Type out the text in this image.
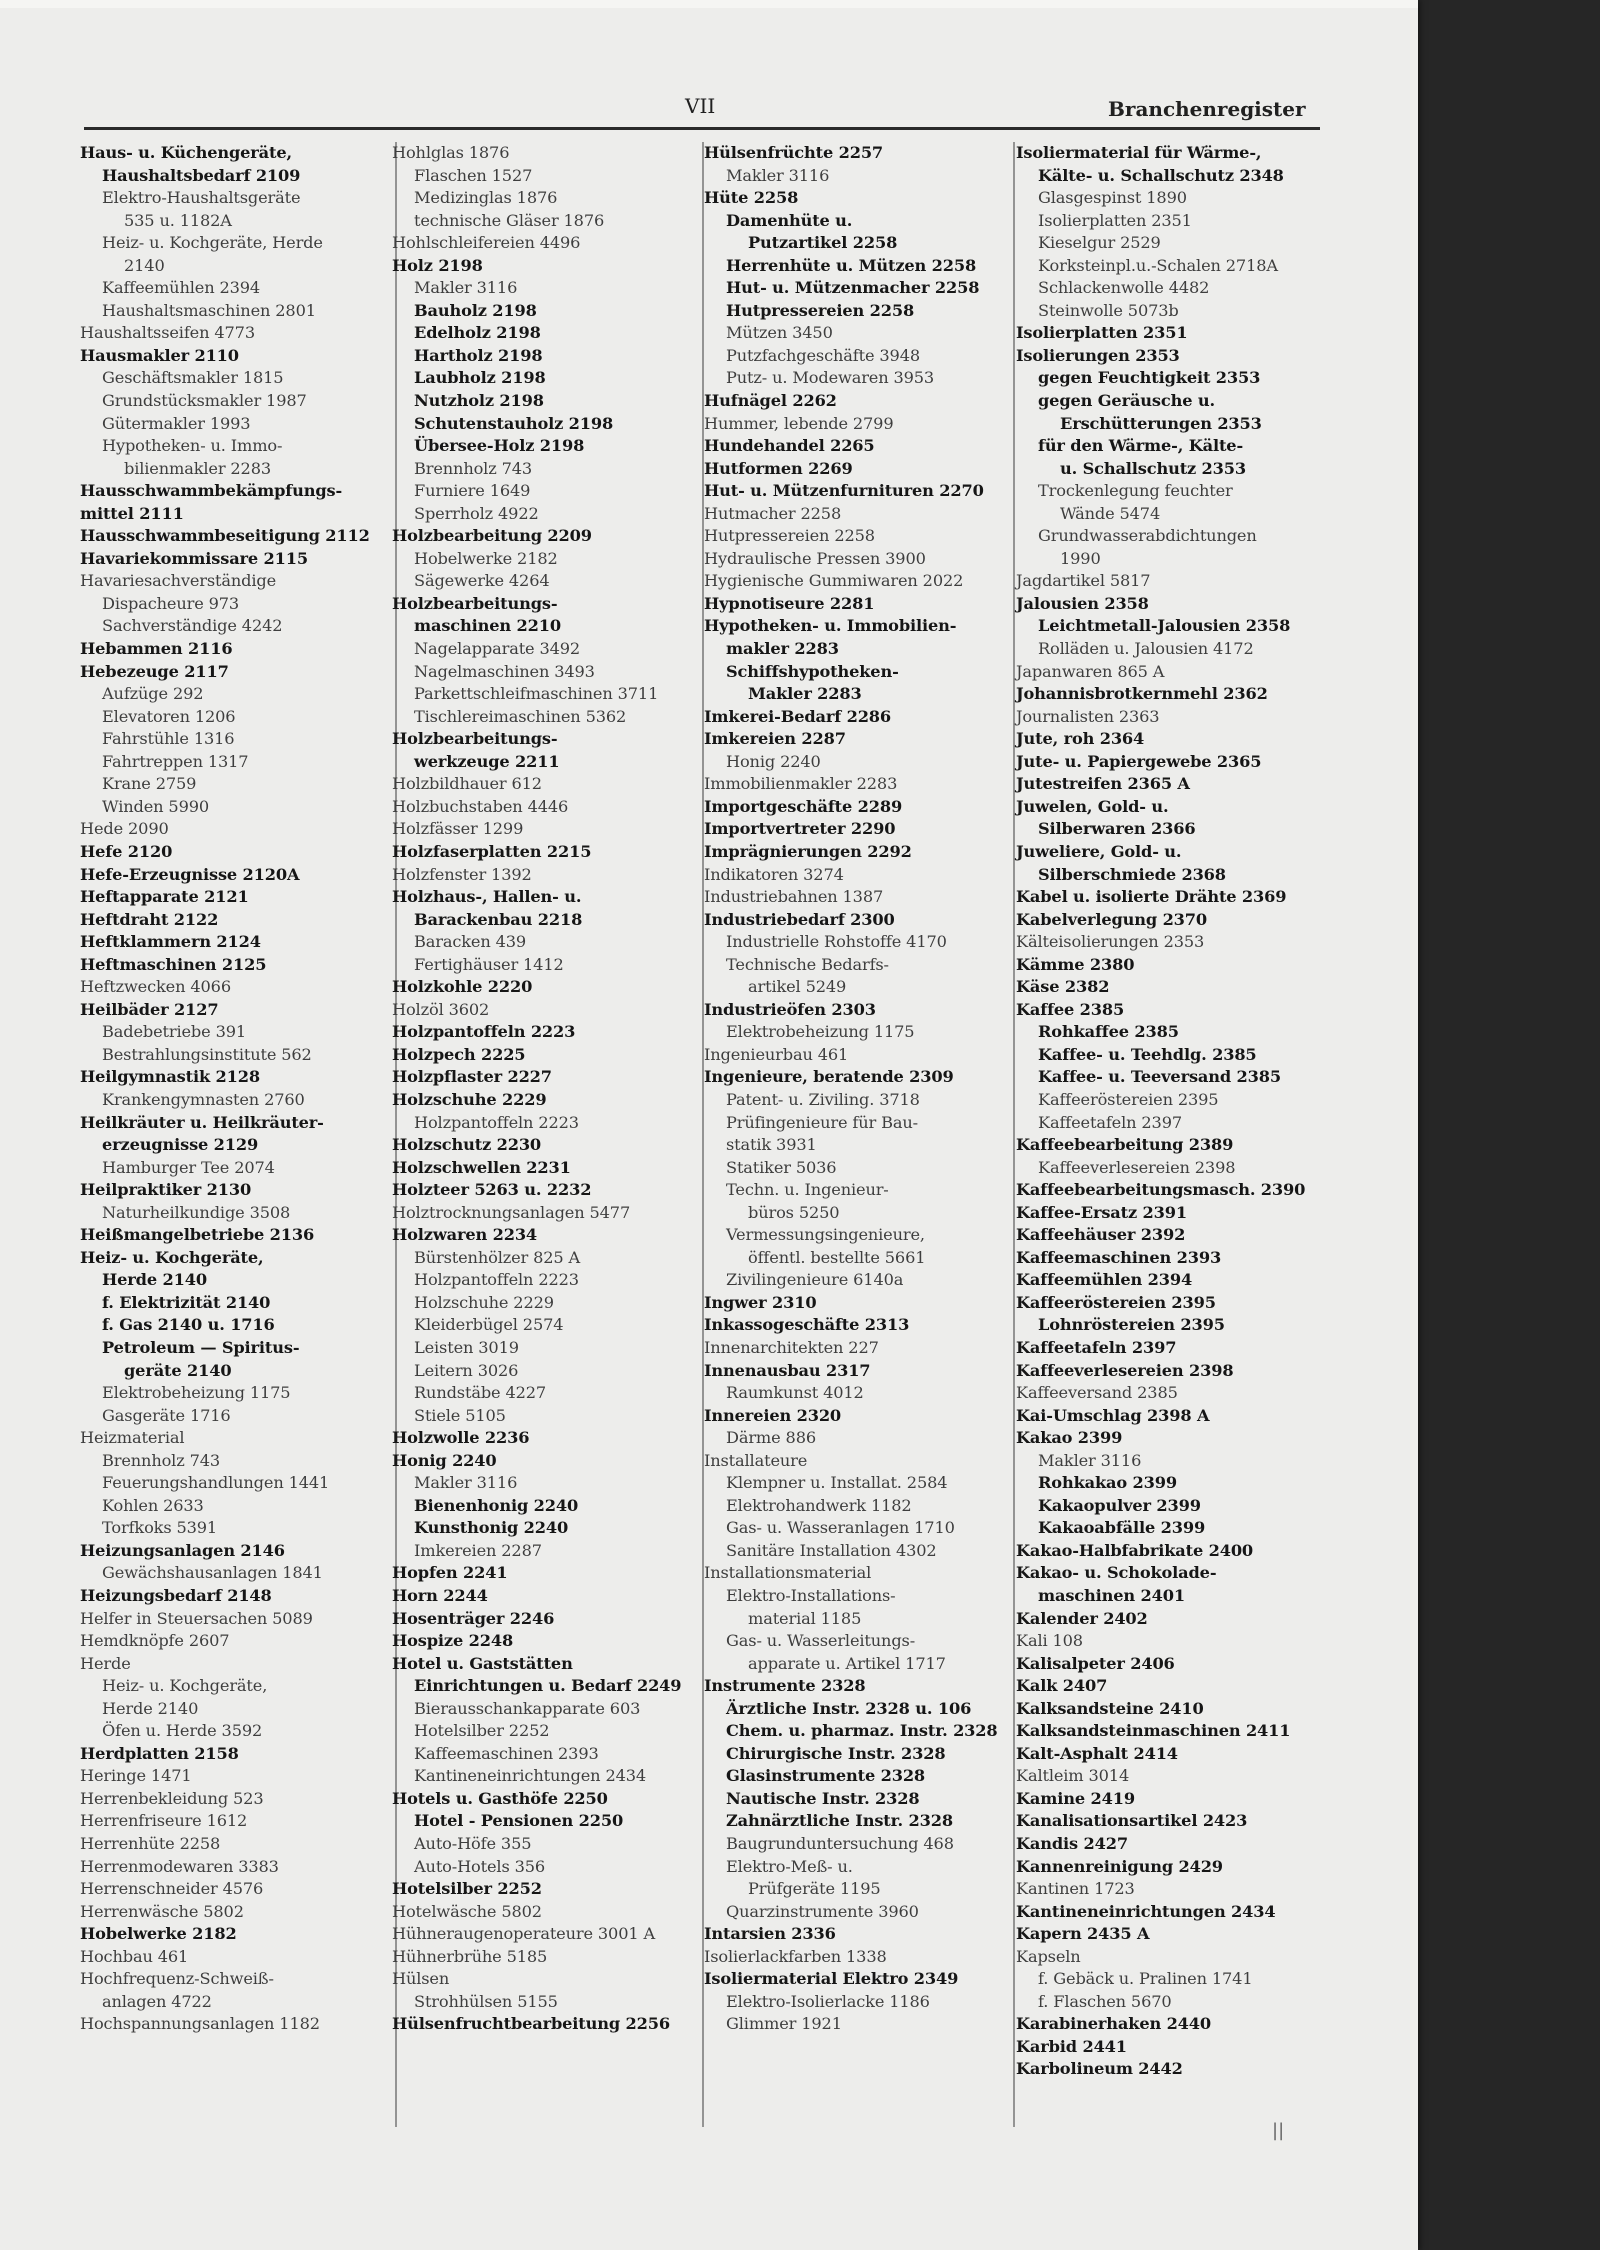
VII	Branchenregister
Haus- u. Küchengeräte,
Haushaltsbedarf 2109
Elektro-Haushaltsgeräte
535 u. 1182A
Heiz- u. Kochgeräte, Herde
2140
Kaffeemühlen 2394
Haushaltsmaschinen 2801
Haushaltsseifen 4773
Hausmakler 2110
Geschäftsmakler 1815
Grundstücksmakler 1987
Gütermakler 1993
Hypotheken- u. Immo-
bilienmakler 2283
Hausschwammbekämpfungs-
mittel 2111
Hausschwammbeseitigung 2112
Havariekommissare 2115
Havariesachverständige
Dispacheure 973
Sachverständige 4242
Hebammen 2116
Hebezeuge 2117
Aufzüge 292
Elevatoren 1206
Fahrstühle 1316
Fahrtreppen 1317
Krane 2759
Winden 5990
Hede 2090
Hefe 2120
Hefe-Erzeugnisse 2120A
Heftapparate 2121
Heftdraht 2122
Heftklammern 2124
Heftmaschinen 2125
Heftzwecken 4066
Heilbäder 2127
Badebetriebe 391
Bestrahlungsinstitute 562
Heilgymnastik 2128
Krankengymnasten 2760
Heilkräuter u. Heilkräuter-
erzeugnisse 2129
Hamburger Tee 2074
Heilpraktiker 2130
Naturheilkundige 3508
Heißmangelbetriebe 2136
Heiz- u. Kochgeräte,
Herde 2140
f. Elektrizität 2140
f. Gas 2140 u. 1716
Petroleum — Spiritus-
geräte 2140
Elektrobeheizung 1175
Gasgeräte 1716
Heizmaterial
Brennholz 743
Feuerungshandlungen 1441
Kohlen 2633
Torfkoks 5391
Heizungsanlagen 2146
Gewächshausanlagen 1841
Heizungsbedarf 2148
Helfer in Steuersachen 5089
Hemdknöpfe 2607
Herde
Heiz- u. Kochgeräte,
Herde 2140
Öfen u. Herde 3592
Herdplatten 2158
Heringe 1471
Herrenbekleidung 523
Herrenfriseure 1612
Herrenhüte 2258
Herrenmodewaren 3383
Herrenschneider 4576
Herrenwäsche 5802
Hobelwerke 2182
Hochbau 461
Hochfrequenz-Schweiß-
anlagen 4722
Hochspannungsanlagen 1182
Hohlglas 1876
Flaschen 1527
Medizinglas 1876
technische Gläser 1876
Hohlschleifereien 4496
Holz 2198
Makler 3116
Bauholz 2198
Edelholz 2198
Hartholz 2198
Laubholz 2198
Nutzholz 2198
Schutenstauholz 2198
Übersee-Holz 2198
Brennholz 743
Furniere 1649
Sperrholz 4922
Holzbearbeitung 2209
Hobelwerke 2182
Sägewerke 4264
Holzbearbeitungs-
maschinen 2210
Nagelapparate 3492
Nagelmaschinen 3493
Parkettschleifmaschinen 3711
Tischlereimaschinen 5362
Holzbearbeitungs-
werkzeuge 2211
Holzbildhauer 612
Holzbuchstaben 4446
Holzfässer 1299
Holzfaserplatten 2215
Holzfenster 1392
Holzhaus-, Hallen- u.
Barackenbau 2218
Baracken 439
Fertighäuser 1412
Holzkohle 2220
Holzöl 3602
Holzpantoffeln 2223
Holzpech 2225
Holzpflaster 2227
Holzschuhe 2229
Holzpantoffeln 2223
Holzschutz 2230
Holzschwellen 2231
Holzteer 5263 u. 2232
Holztrocknungsanlagen 5477
Holzwaren 2234
Bürstenhölzer 825 A
Holzpantoffeln 2223
Holzschuhe 2229
Kleiderbügel 2574
Leisten 3019
Leitern 3026
Rundstäbe 4227
Stiele 5105
Holzwolle 2236
Honig 2240
Makler 3116
Bienenhonig 2240
Kunsthonig 2240
Imkereien 2287
Hopfen 2241
Horn 2244
Hosenträger 2246
Hospize 2248
Hotel u. Gaststätten
Einrichtungen u. Bedarf 2249
Bierausschankapparate 603
Hotelsilber 2252
Kaffeemaschinen 2393
Kantineneinrichtungen 2434
Hotels u. Gasthöfe 2250
Hotel - Pensionen 2250
Auto-Höfe 355
Auto-Hotels 356
Hotelsilber 2252
Hotelwäsche 5802
Hühneraugenoperateure 3001 A
Hühnerbrühe 5185
Hülsen
Strohhülsen 5155
Hülsenfruchtbearbeitung 2256
Hülsenfrüchte 2257
Makler 3116
Hüte 2258
Damenhüte u.
Putzartikel 2258
Herrenhüte u. Mützen 2258
Hut- u. Mützenmacher 2258
Hutpressereien 2258
Mützen 3450
Putzfachgeschäfte 3948
Putz- u. Modewaren 3953
Hufnägel 2262
Hummer, lebende 2799
Hundehandel 2265
Hutformen 2269
Hut- u. Mützenfurnituren 2270
Hutmacher 2258
Hutpressereien 2258
Hydraulische Pressen 3900
Hygienische Gummiwaren 2022
Hypnotiseure 2281
Hypotheken- u. Immobilien-
makler 2283
Schiffshypotheken-
Makler 2283
Imkerei-Bedarf 2286
Imkereien 2287
Honig 2240
Immobilienmakler 2283
Importgeschäfte 2289
Importvertreter 2290
Imprägnierungen 2292
Indikatoren 3274
Industriebahnen 1387
Industriebedarf 2300
Industrielle Rohstoffe 4170
Technische Bedarfs-
artikel 5249
Industrieöfen 2303
Elektrobeheizung 1175
Ingenieurbau 461
Ingenieure, beratende 2309
Patent- u. Ziviling. 3718
Prüfingenieure für Bau-
statik 3931
Statiker 5036
Techn. u. Ingenieur-
büros 5250
Vermessungsingenieure,
öffentl. bestellte 5661
Zivilingenieure 6140a
Ingwer 2310
Inkassogeschäfte 2313
Innenarchitekten 227
Innenausbau 2317
Raumkunst 4012
Innereien 2320
Därme 886
Installateure
Klempner u. Installat. 2584
Elektrohandwerk 1182
Gas- u. Wasseranlagen 1710
Sanitäre Installation 4302
Installationsmaterial
Elektro-Installations-
material 1185
Gas- u. Wasserleitungs-
apparate u. Artikel 1717
Instrumente 2328
Ärztliche Instr. 2328 u. 106
Chem. u. pharmaz. Instr. 2328
Chirurgische Instr. 2328
Glasinstrumente 2328
Nautische Instr. 2328
Zahnärztliche Instr. 2328
Baugrunduntersuchung 468
Elektro-Meß- u.
Prüfgeräte 1195
Quarzinstrumente 3960
Intarsien 2336
Isolierlackfarben 1338
Isoliermaterial Elektro 2349
Elektro-Isolierlacke 1186
Glimmer 1921
Isoliermaterial für Wärme-,
Kälte- u. Schallschutz 2348
Glasgespinst 1890
Isolierplatten 2351
Kieselgur 2529
Korksteinpl.u.-Schalen 2718A
Schlackenwolle 4482
Steinwolle 5073b
Isolierplatten 2351
Isolierungen 2353
gegen Feuchtigkeit 2353
gegen Geräusche u.
Erschütterungen 2353
für den Wärme-, Kälte-
u. Schallschutz 2353
Trockenlegung feuchter
Wände 5474
Grundwasserabdichtungen
1990
Jagdartikel 5817
Jalousien 2358
Leichtmetall-Jalousien 2358
Rolläden u. Jalousien 4172
Japanwaren 865 A
Johannisbrotkernmehl 2362
Journalisten 2363
Jute, roh 2364
Jute- u. Papiergewebe 2365
Jutestreifen 2365 A
Juwelen, Gold- u.
Silberwaren 2366
Juweliere, Gold- u.
Silberschmiede 2368
Kabel u. isolierte Drähte 2369
Kabelverlegung 2370
Kälteisolierungen 2353
Kämme 2380
Käse 2382
Kaffee 2385
Rohkaffee 2385
Kaffee- u. Teehdlg. 2385
Kaffee- u. Teeversand 2385
Kaffeeröstereien 2395
Kaffeetafeln 2397
Kaffeebearbeitung 2389
Kaffeeverlesereien 2398
Kaffeebearbeitungsmasch. 2390
Kaffee-Ersatz 2391
Kaffeehäuser 2392
Kaffeemaschinen 2393
Kaffeemühlen 2394
Kaffeeröstereien 2395
Lohnröstereien 2395
Kaffeetafeln 2397
Kaffeeverlesereien 2398
Kaffeeversand 2385
Kai-Umschlag 2398 A
Kakao 2399
Makler 3116
Rohkakao 2399
Kakaopulver 2399
Kakaoabfälle 2399
Kakao-Halbfabrikate 2400
Kakao- u. Schokolade-
maschinen 2401
Kalender 2402
Kali 108
Kalisalpeter 2406
Kalk 2407
Kalksandsteine 2410
Kalksandsteinmaschinen 2411
Kalt-Asphalt 2414
Kaltleim 3014
Kamine 2419
Kanalisationsartikel 2423
Kandis 2427
Kannenreinigung 2429
Kantinen 1723
Kantineneinrichtungen 2434
Kapern 2435 A
Kapseln
f. Gebäck u. Pralinen 1741
f. Flaschen 5670
Karabinerhaken 2440
Karbid 2441
Karbolineum 2442
||
